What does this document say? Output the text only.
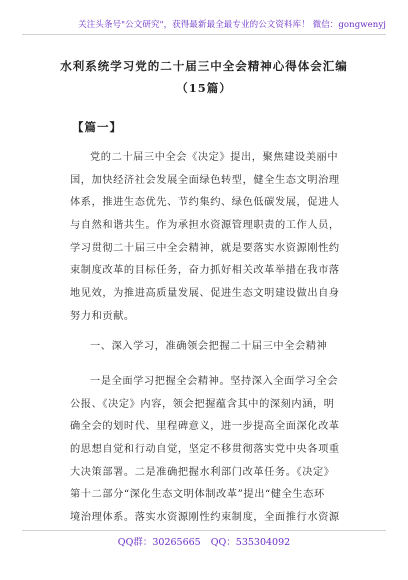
关注头条号"公文研究"，获得最新最全最专业的公文资料库！ 微信：gongwenyj
水利系统学习党的二十届三中全会精神心得体会汇编
（15篇）
【篇一】
党的二十届三中全会《决定》提出，聚焦建设美丽中
国，加快经济社会发展全面绿色转型，健全生态文明治理
体系，推进生态优先、节约集约、绿色低碳发展，促进人
与自然和谐共生。作为承担水资源管理职责的工作人员，
学习贯彻二十届三中全会精神，就是要落实水资源刚性约
束制度改革的目标任务，奋力抓好相关改革举措在我市落
地见效，为推进高质量发展、促进生态文明建设做出自身
努力和贡献。
一、深入学习，准确领会把握二十届三中全会精神
一是全面学习把握全会精神。坚持深入全面学习全会
公报、《决定》内容，领会把握蕴含其中的深刻内涵，明
确全会的划时代、里程碑意义，进一步提高全面深化改革
的思想自觉和行动自觉，坚定不移贯彻落实党中央各项重
大决策部署。二是准确把握水利部门改革任务。《决定》
第十二部分“深化生态文明体制改革”提出“健全生态环
境治理体系。落实水资源刚性约束制度，全面推行水资源
QQ群：30265665 QQ：535304092
